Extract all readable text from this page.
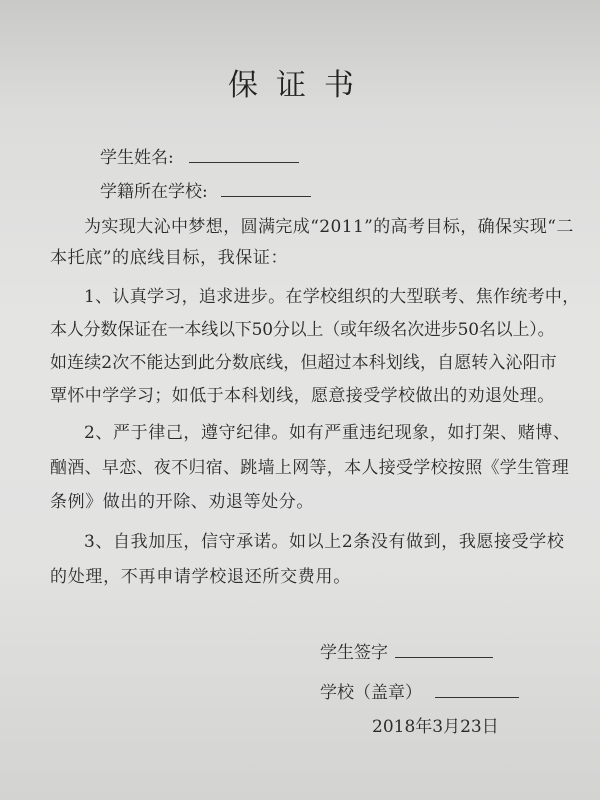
保证书
学生姓名:
学籍所在学校:
为实现大沁中梦想，圆满完成“2011”的高考目标，确保实现“二
本托底”的底线目标，我保证：
1、认真学习，追求进步。在学校组织的大型联考、焦作统考中，
本人分数保证在一本线以下50分以上（或年级名次进步50名以上）。
如连续2次不能达到此分数底线，但超过本科划线，自愿转入沁阳市
覃怀中学学习；如低于本科划线，愿意接受学校做出的劝退处理。
2、严于律己，遵守纪律。如有严重违纪现象，如打架、赌博、
酗酒、早恋、夜不归宿、跳墙上网等，本人接受学校按照《学生管理
条例》做出的开除、劝退等处分。
3、自我加压，信守承诺。如以上2条没有做到，我愿接受学校
的处理，不再申请学校退还所交费用。
学生签字
学校（盖章）
2018年3月23日
